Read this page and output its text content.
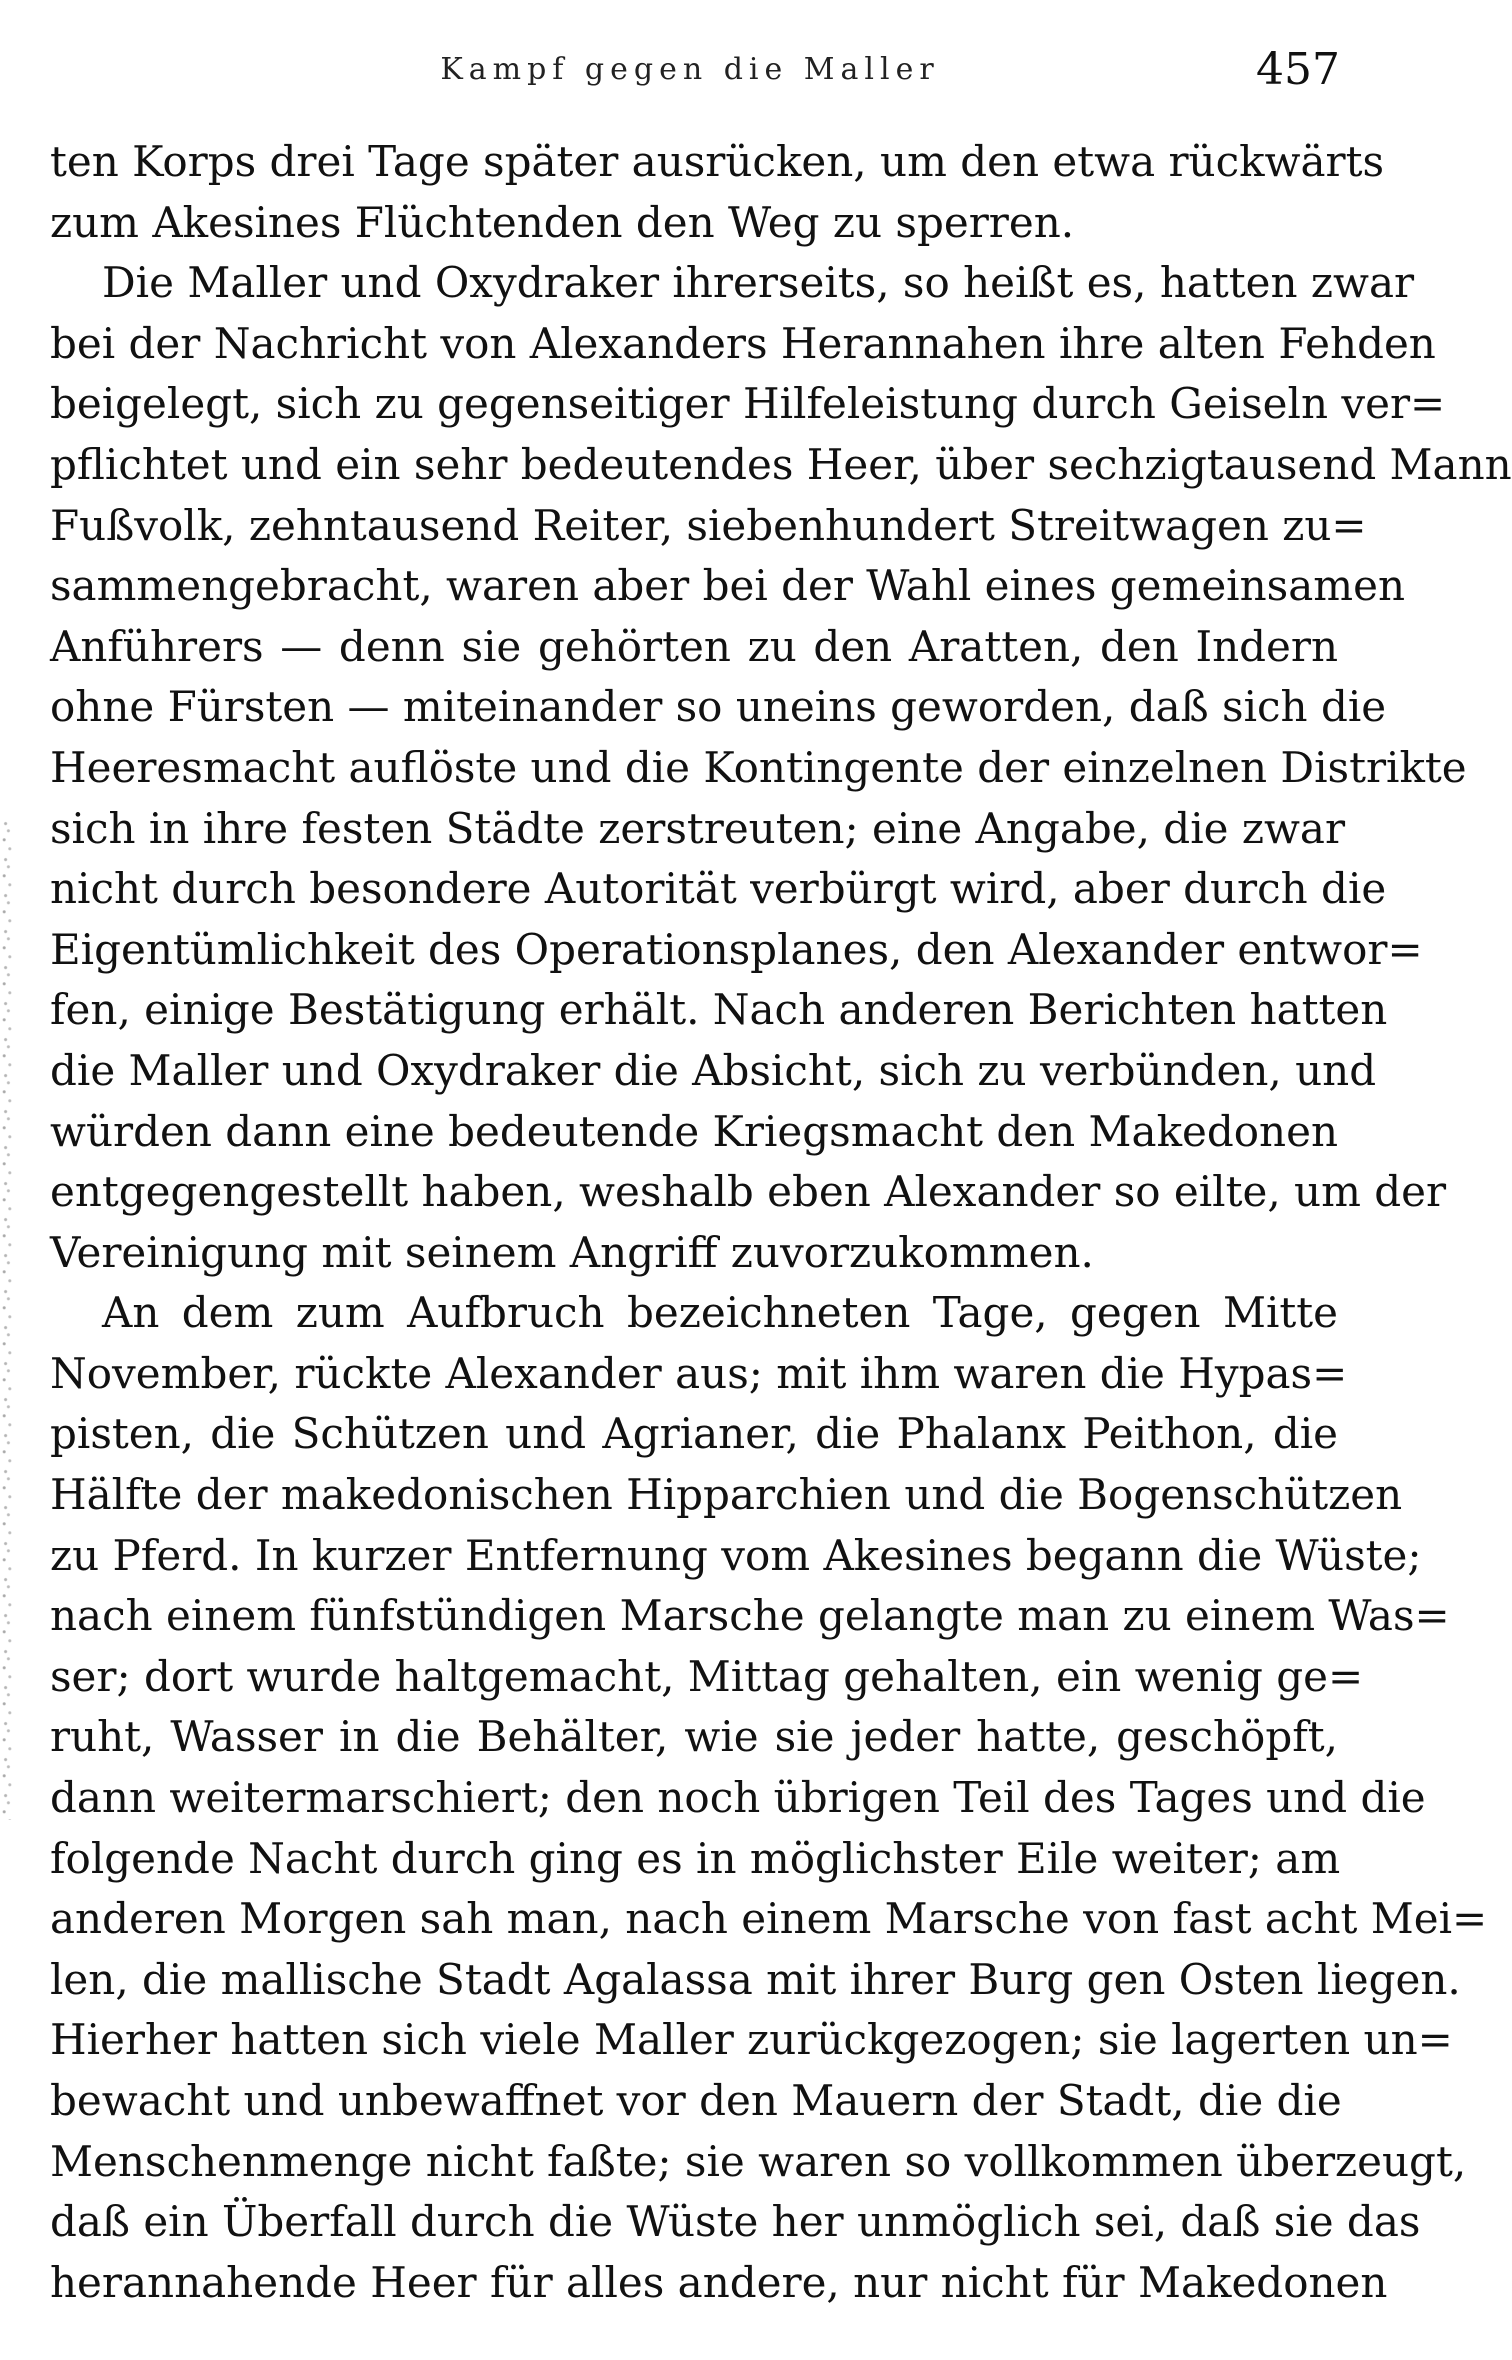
Kampf gegen die Maller	457
ten Korps drei Tage später ausrücken, um den etwa rückwärts
zum Akesines Flüchtenden den Weg zu sperren.
Die Maller und Oxydraker ihrerseits, so heißt es, hatten zwar
bei der Nachricht von Alexanders Herannahen ihre alten Fehden
beigelegt, sich zu gegenseitiger Hilfeleistung durch Geiseln ver=
pflichtet und ein sehr bedeutendes Heer, über sechzigtausend Mann
Fußvolk, zehntausend Reiter, siebenhundert Streitwagen zu=
sammengebracht, waren aber bei der Wahl eines gemeinsamen
Anführers — denn sie gehörten zu den Aratten, den Indern
ohne Fürsten — miteinander so uneins geworden, daß sich die
Heeresmacht auflöste und die Kontingente der einzelnen Distrikte
sich in ihre festen Städte zerstreuten; eine Angabe, die zwar
nicht durch besondere Autorität verbürgt wird, aber durch die
Eigentümlichkeit des Operationsplanes, den Alexander entwor=
fen, einige Bestätigung erhält. Nach anderen Berichten hatten
die Maller und Oxydraker die Absicht, sich zu verbünden, und
würden dann eine bedeutende Kriegsmacht den Makedonen
entgegengestellt haben, weshalb eben Alexander so eilte, um der
Vereinigung mit seinem Angriff zuvorzukommen.
An dem zum Aufbruch bezeichneten Tage, gegen Mitte
November, rückte Alexander aus; mit ihm waren die Hypas=
pisten, die Schützen und Agrianer, die Phalanx Peithon, die
Hälfte der makedonischen Hipparchien und die Bogenschützen
zu Pferd. In kurzer Entfernung vom Akesines begann die Wüste;
nach einem fünfstündigen Marsche gelangte man zu einem Was=
ser; dort wurde haltgemacht, Mittag gehalten, ein wenig ge=
ruht, Wasser in die Behälter, wie sie jeder hatte, geschöpft,
dann weitermarschiert; den noch übrigen Teil des Tages und die
folgende Nacht durch ging es in möglichster Eile weiter; am
anderen Morgen sah man, nach einem Marsche von fast acht Mei=
len, die mallische Stadt Agalassa mit ihrer Burg gen Osten liegen.
Hierher hatten sich viele Maller zurückgezogen; sie lagerten un=
bewacht und unbewaffnet vor den Mauern der Stadt, die die
Menschenmenge nicht faßte; sie waren so vollkommen überzeugt,
daß ein Überfall durch die Wüste her unmöglich sei, daß sie das
herannahende Heer für alles andere, nur nicht für Makedonen
